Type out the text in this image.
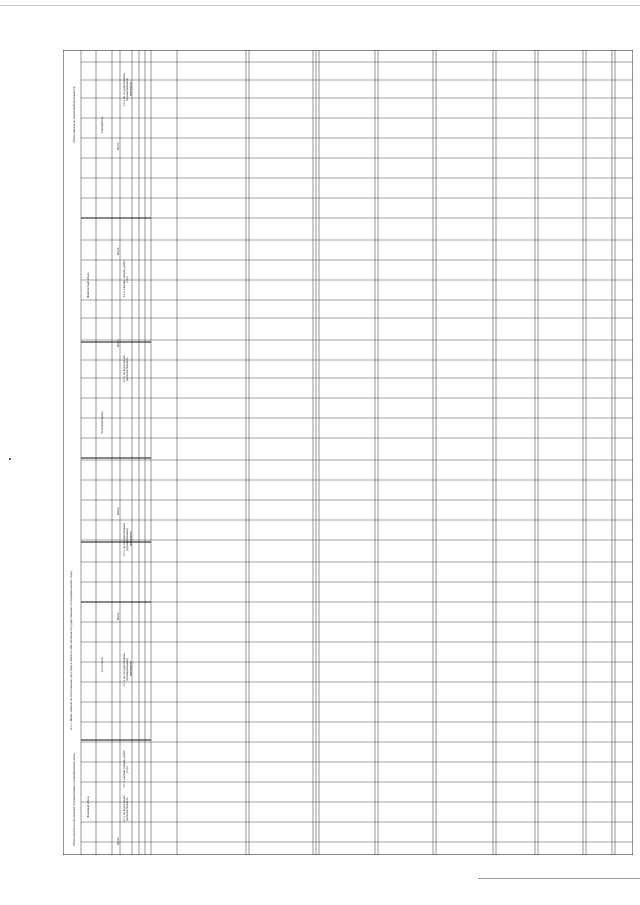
8.1.1. Иные данные по исполнению реестров в области обеспечения государственных и муниципальных нужд
Объем средств на обеспечение государственных (муниципальных) нужд
Объем закупок по закупочной деятельности
Плановый объем
Фактический объем
в том числе
Текущий год
Отчетный период
Всего
Всего
Всего
Всего
Всего
Всего
в т.ч. по кодам видов расходов бюджета
в т.ч. закупки товаров, работ, услуг
в т.ч. по государственным (муниципальным) контрактам
в т.ч. по государственным (муниципальным) контрактам
в т.ч. по кодам видов расходов бюджета
в т.ч. закупки товаров, работ, услуг
в т.ч. по государственным (муниципальным) контрактам
